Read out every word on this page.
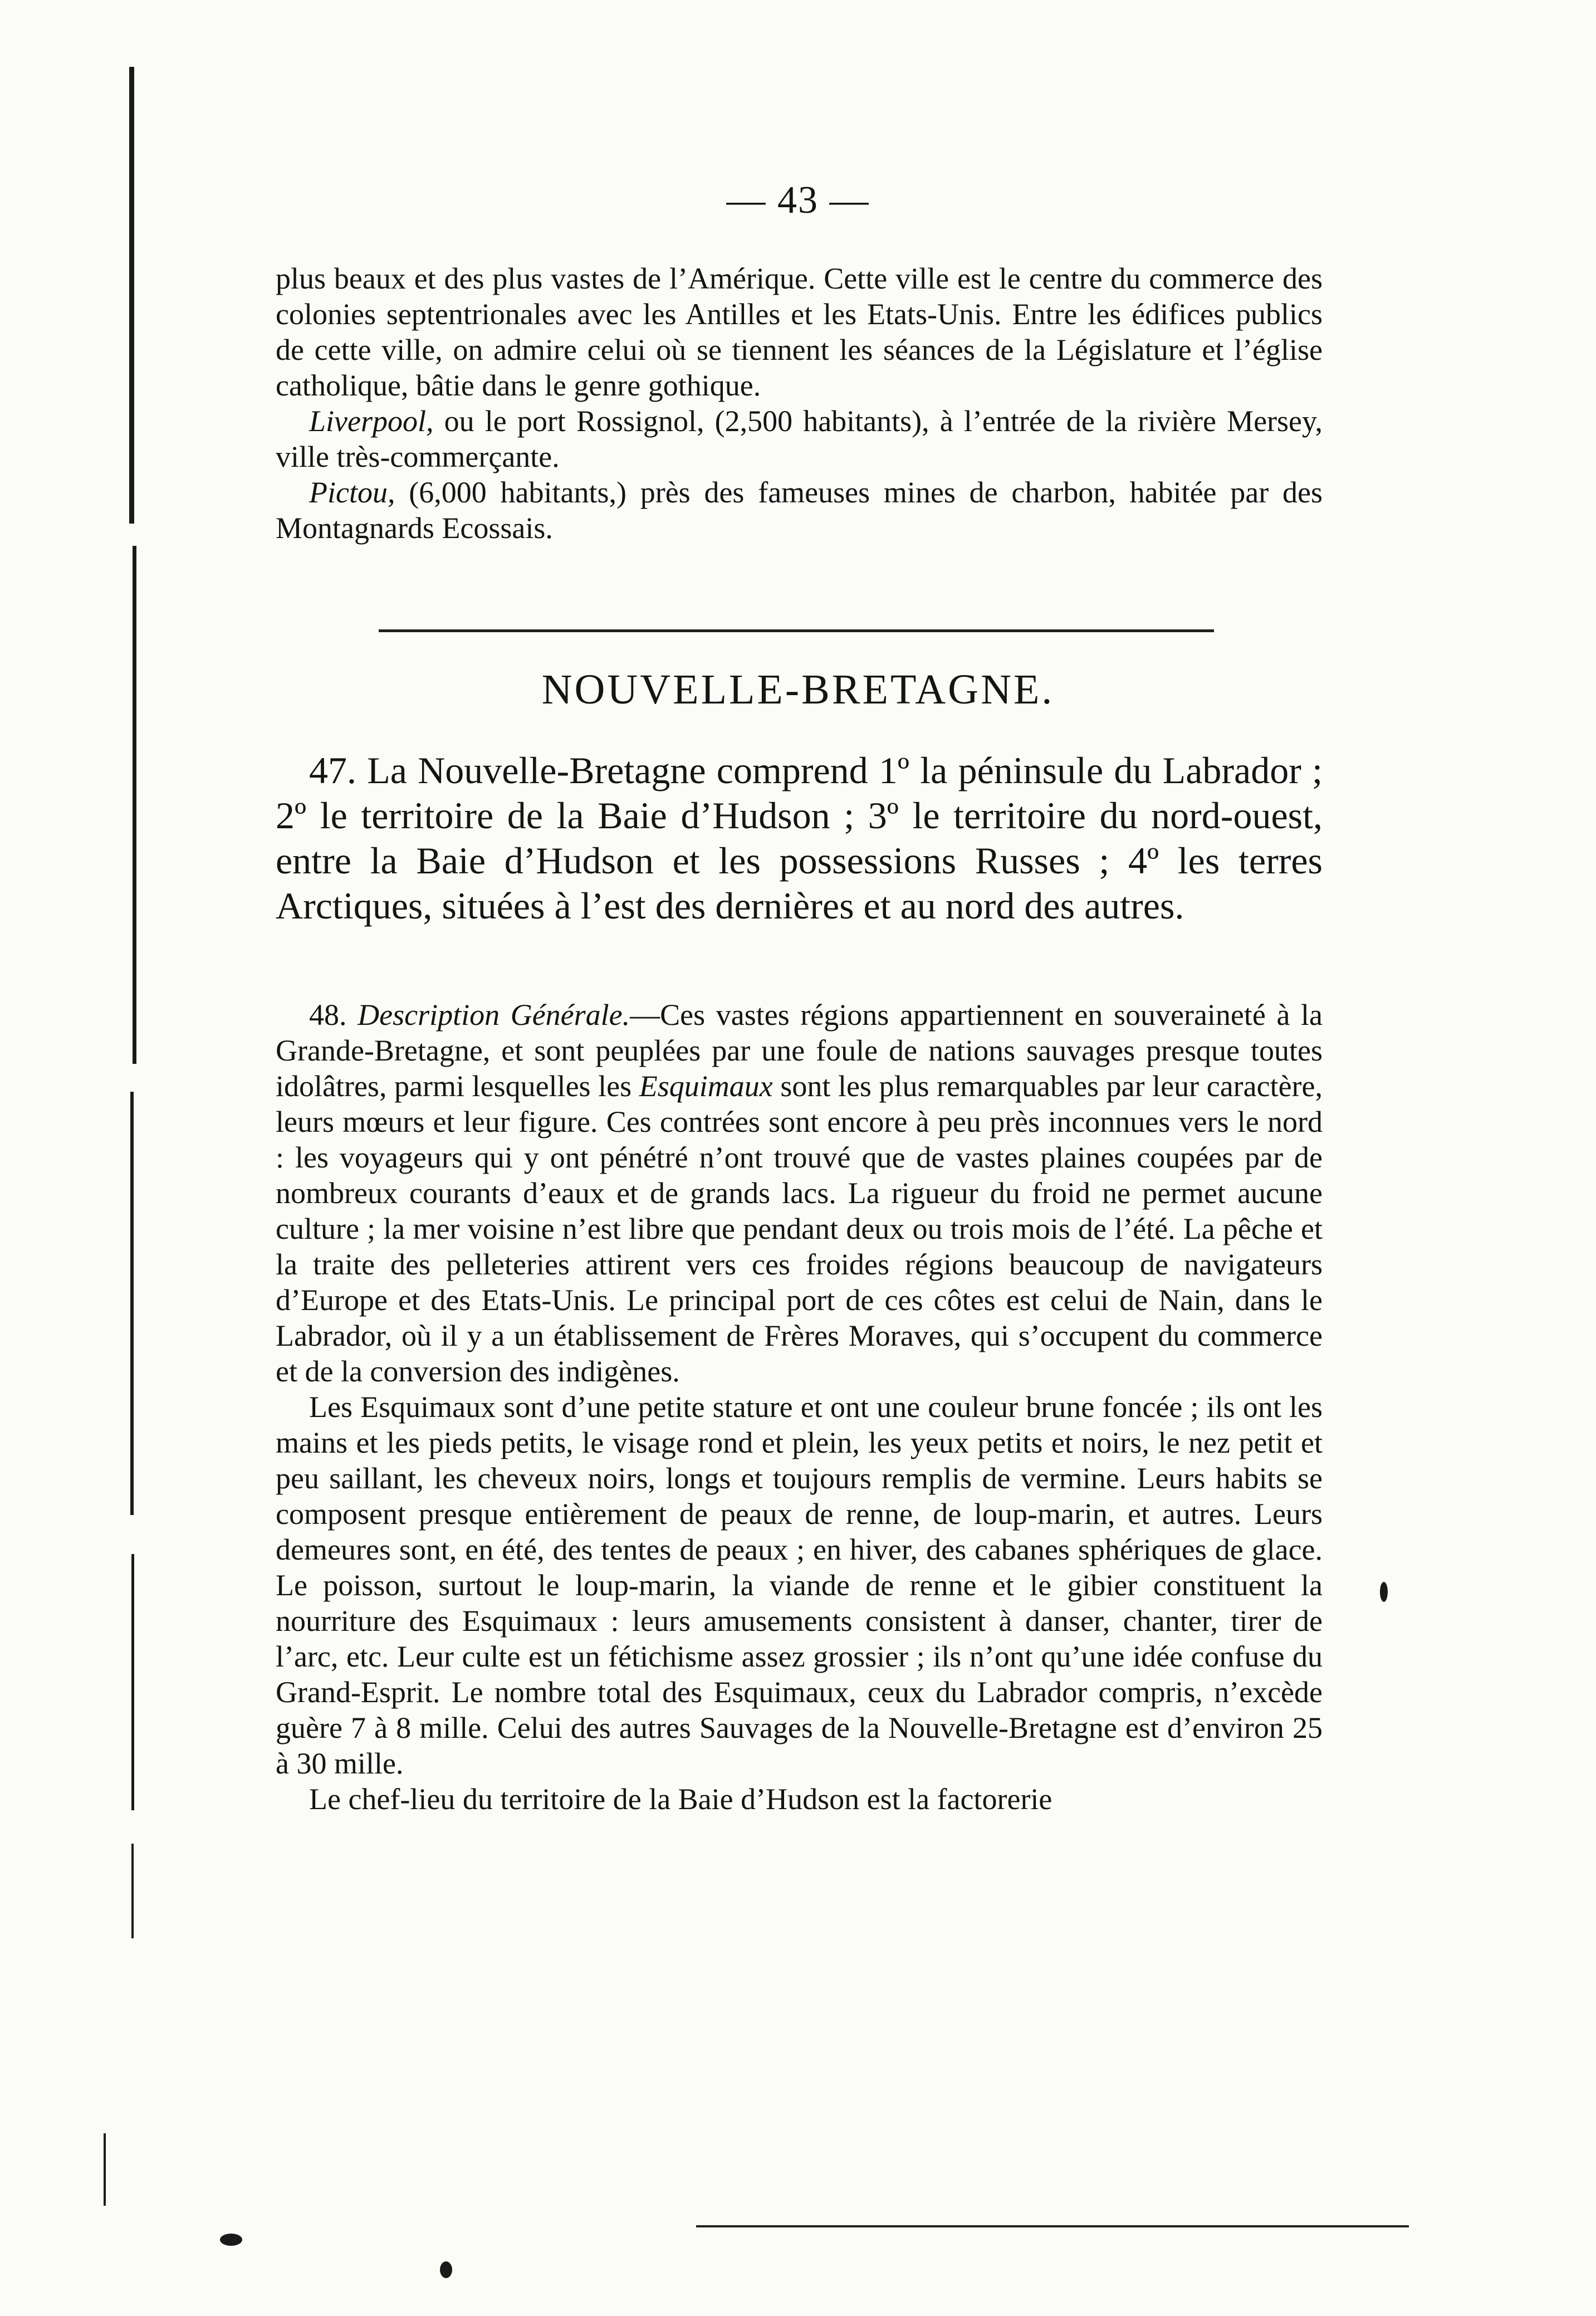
— 43 —

plus beaux et des plus vastes de l’Amérique. Cette ville est le centre du commerce des colonies septentrionales avec les Antilles et les Etats-Unis. Entre les édifices publics de cette ville, on admire celui où se tiennent les séances de la Législature et l’église catholique, bâtie dans le genre gothique.

Liverpool, ou le port Rossignol, (2,500 habitants), à l’entrée de la rivière Mersey, ville très-commerçante.

Pictou, (6,000 habitants,) près des fameuses mines de charbon, habitée par des Montagnards Ecossais.

NOUVELLE-BRETAGNE.

47. La Nouvelle-Bretagne comprend 1º la péninsule du Labrador ; 2º le territoire de la Baie d’Hudson ; 3º le territoire du nord-ouest, entre la Baie d’Hudson et les possessions Russes ; 4º les terres Arctiques, situées à l’est des dernières et au nord des autres.

48. Description Générale.—Ces vastes régions appartiennent en souveraineté à la Grande-Bretagne, et sont peuplées par une foule de nations sauvages presque toutes idolâtres, parmi lesquelles les Esquimaux sont les plus remarquables par leur caractère, leurs mœurs et leur figure. Ces contrées sont encore à peu près inconnues vers le nord : les voyageurs qui y ont pénétré n’ont trouvé que de vastes plaines coupées par de nombreux courants d’eaux et de grands lacs. La rigueur du froid ne permet aucune culture ; la mer voisine n’est libre que pendant deux ou trois mois de l’été. La pêche et la traite des pelleteries attirent vers ces froides régions beaucoup de navigateurs d’Europe et des Etats-Unis. Le principal port de ces côtes est celui de Nain, dans le Labrador, où il y a un établissement de Frères Moraves, qui s’occupent du commerce et de la conversion des indigènes.

Les Esquimaux sont d’une petite stature et ont une couleur brune foncée ; ils ont les mains et les pieds petits, le visage rond et plein, les yeux petits et noirs, le nez petit et peu saillant, les cheveux noirs, longs et toujours remplis de vermine. Leurs habits se composent presque entièrement de peaux de renne, de loup-marin, et autres. Leurs demeures sont, en été, des tentes de peaux ; en hiver, des cabanes sphériques de glace. Le poisson, surtout le loup-marin, la viande de renne et le gibier constituent la nourriture des Esquimaux : leurs amusements consistent à danser, chanter, tirer de l’arc, etc. Leur culte est un fétichisme assez grossier ; ils n’ont qu’une idée confuse du Grand-Esprit. Le nombre total des Esquimaux, ceux du Labrador compris, n’excède guère 7 à 8 mille. Celui des autres Sauvages de la Nouvelle-Bretagne est d’environ 25 à 30 mille.

Le chef-lieu du territoire de la Baie d’Hudson est la factorerie
